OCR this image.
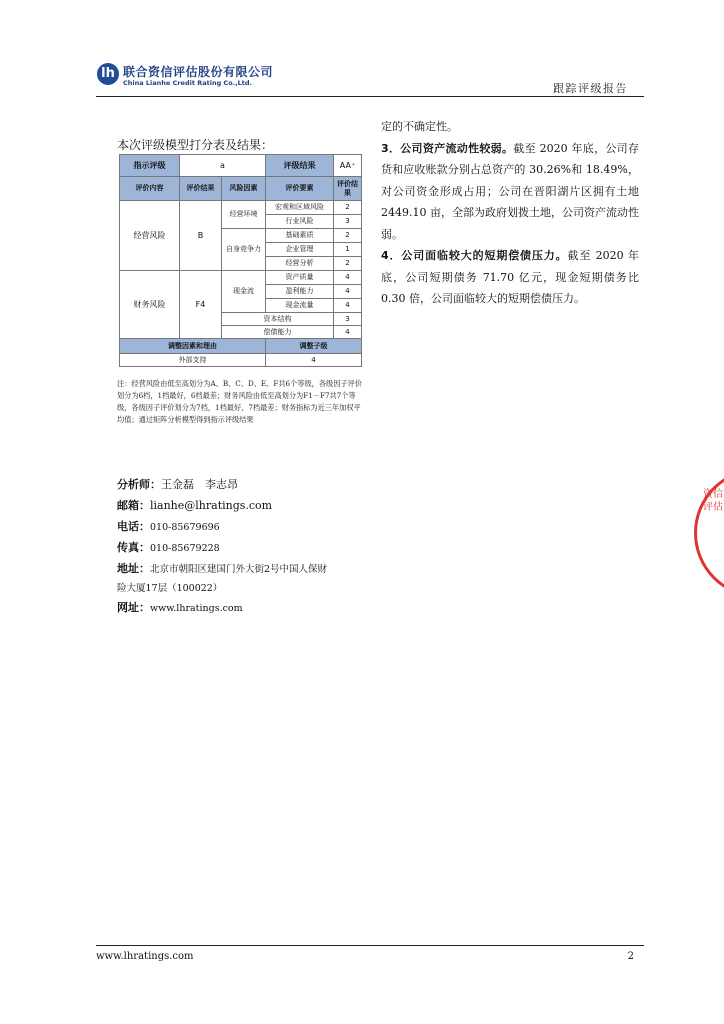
lh 联合资信评估股份有限公司
China Lianhe Credit Rating Co.,Ltd.	跟踪评级报告
本次评级模型打分表及结果：
指示评级	a		评级结果	AA⁺
评价内容	评价结果	风险因素	评价要素	评价结果
经营风险	B	经营环境	宏观和区域风险	2
			行业风险	3
		自身竞争力	基础素质	2
			企业管理	1
			经营分析	2
财务风险	F4	现金流	资产质量	4
			盈利能力	4
			现金流量	4
		资本结构		3
		偿债能力		4
调整因素和理由			调整子级	
外部支持			4	
注：经营风险由低至高划分为A、B、C、D、E、F共6个等级，各级因子评价划分为6档，1档最好，6档最差；财务风险由低至高划分为F1－F7共7个等级，各级因子评价划分为7档，1档最好，7档最差；财务指标为近三年加权平均值；通过矩阵分析模型得到指示评级结果
分析师：王金磊　李志昂
邮箱：lianhe@lhratings.com
电话：010-85679696
传真：010-85679228
地址：北京市朝阳区建国门外大街2号中国人保财
险大厦17层（100022）
网址：www.lhratings.com

定的不确定性。

3．公司资产流动性较弱。截至 2020 年底，公司存货和应收账款分别占总资产的 30.26%和 18.49%，对公司资金形成占用；公司在晋阳湖片区拥有土地 2449.10 亩，全部为政府划拨土地，公司资产流动性弱。

4．公司面临较大的短期偿债压力。截至 2020 年底，公司短期债务 71.70 亿元，现金短期债务比 0.30 倍，公司面临较大的短期偿债压力。

资信评估
www.lhratings.com	2
